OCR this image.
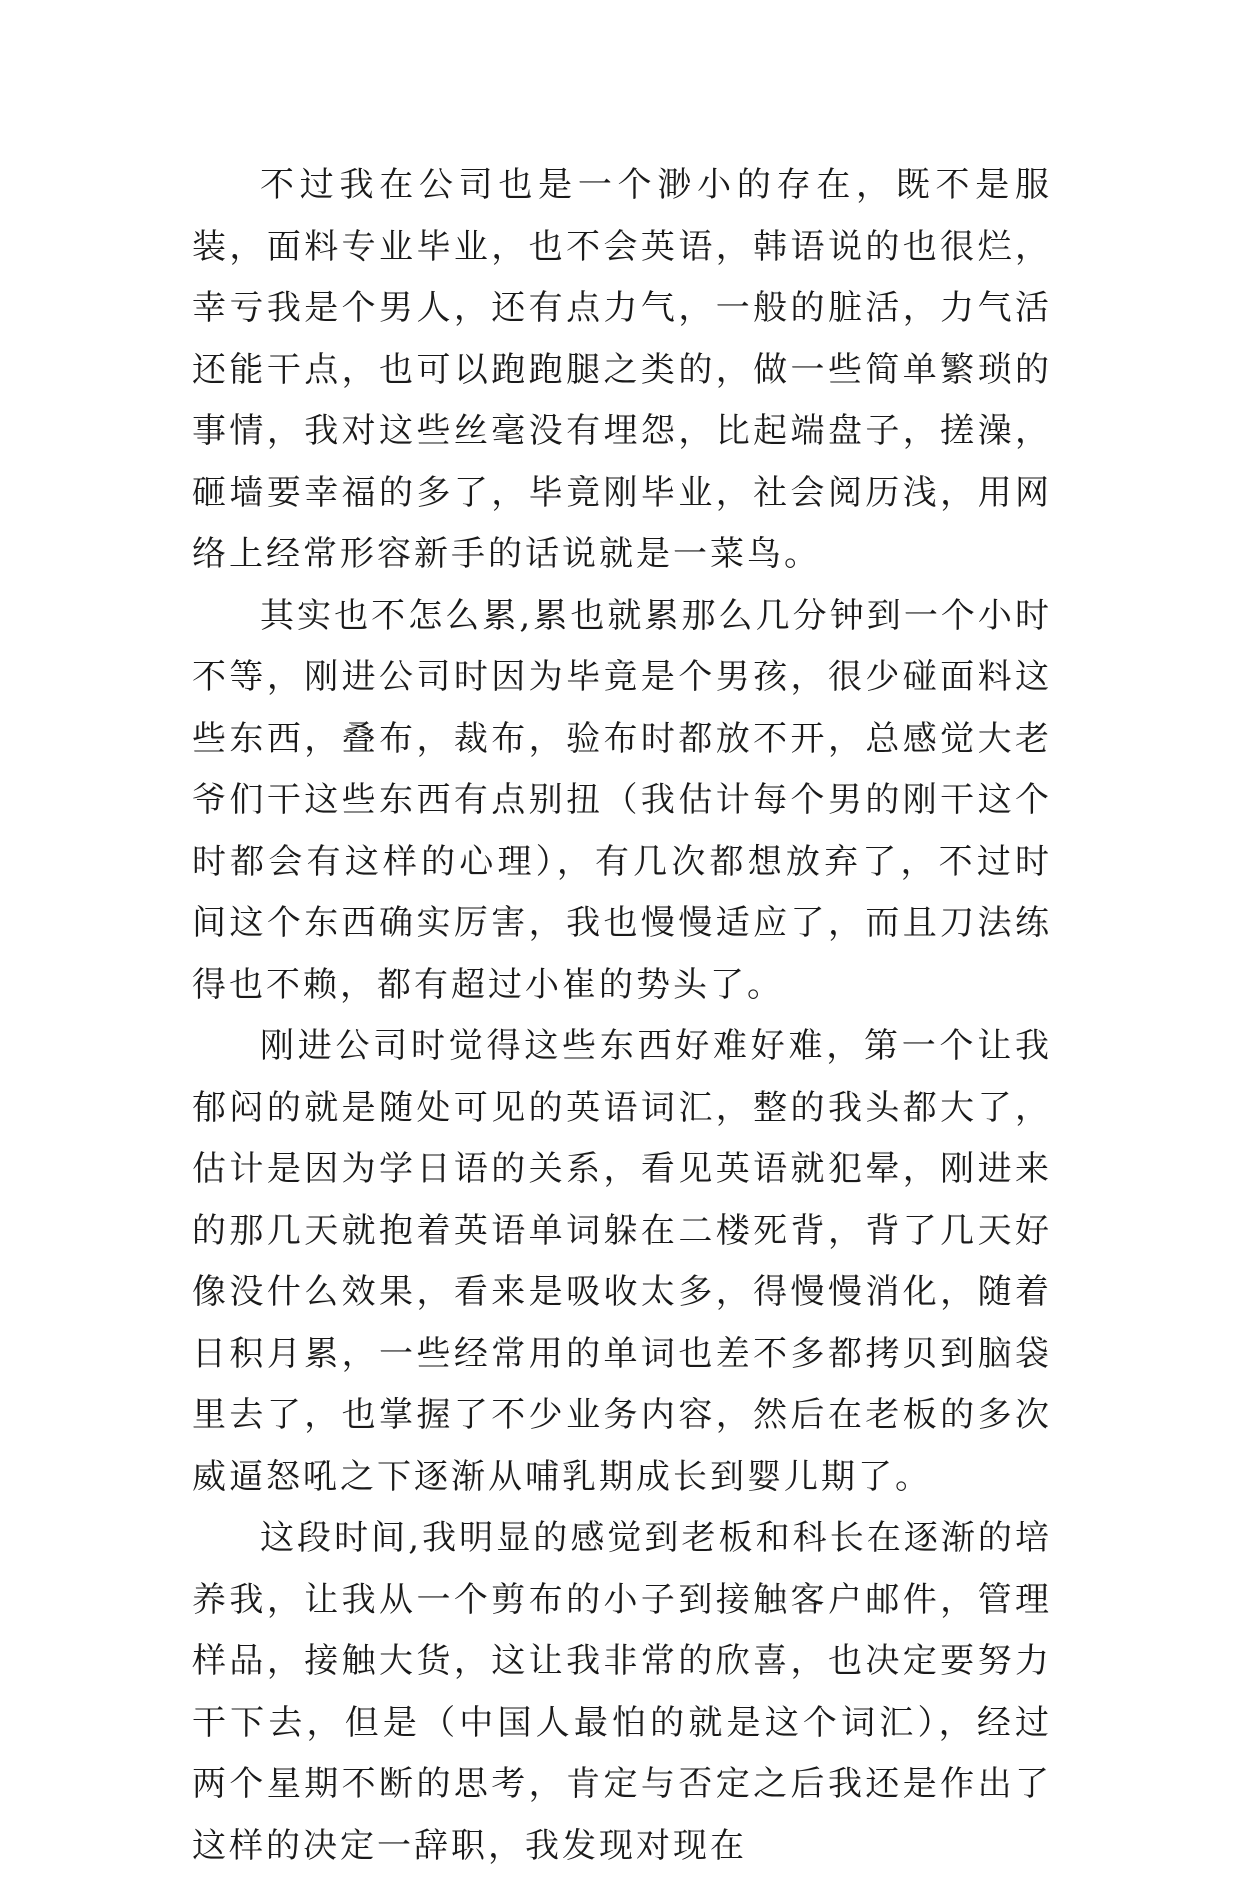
不过我在公司也是一个渺小的存在，既不是服装，面料专业毕业，也不会英语，韩语说的也很烂，幸亏我是个男人，还有点力气，一般的脏活，力气活还能干点，也可以跑跑腿之类的，做一些简单繁琐的事情，我对这些丝毫没有埋怨，比起端盘子，搓澡，砸墙要幸福的多了，毕竟刚毕业，社会阅历浅，用网络上经常形容新手的话说就是一菜鸟。

其实也不怎么累,累也就累那么几分钟到一个小时不等，刚进公司时因为毕竟是个男孩，很少碰面料这些东西，叠布，裁布，验布时都放不开，总感觉大老爷们干这些东西有点别扭（我估计每个男的刚干这个时都会有这样的心理），有几次都想放弃了，不过时间这个东西确实厉害，我也慢慢适应了，而且刀法练得也不赖，都有超过小崔的势头了。

刚进公司时觉得这些东西好难好难，第一个让我郁闷的就是随处可见的英语词汇，整的我头都大了，估计是因为学日语的关系，看见英语就犯晕，刚进来的那几天就抱着英语单词躲在二楼死背，背了几天好像没什么效果，看来是吸收太多，得慢慢消化，随着日积月累，一些经常用的单词也差不多都拷贝到脑袋里去了，也掌握了不少业务内容，然后在老板的多次威逼怒吼之下逐渐从哺乳期成长到婴儿期了。

这段时间,我明显的感觉到老板和科长在逐渐的培养我，让我从一个剪布的小子到接触客户邮件，管理样品，接触大货，这让我非常的欣喜，也决定要努力干下去，但是（中国人最怕的就是这个词汇），经过两个星期不断的思考，肯定与否定之后我还是作出了这样的决定一辞职，我发现对现在
